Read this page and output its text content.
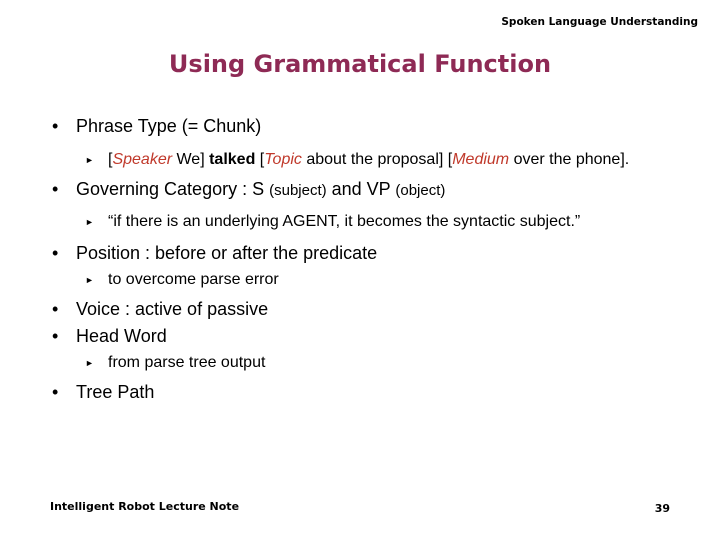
Spoken Language Understanding
Using Grammatical Function
• Phrase Type (= Chunk)
► [Speaker We] talked [Topic about the proposal] [Medium over the phone].
• Governing Category : S (subject) and VP (object)
► “if there is an underlying AGENT, it becomes the syntactic subject.”
• Position : before or after the predicate
► to overcome parse error
• Voice : active of passive
• Head Word
► from parse tree output
• Tree Path
Intelligent Robot Lecture Note	39
